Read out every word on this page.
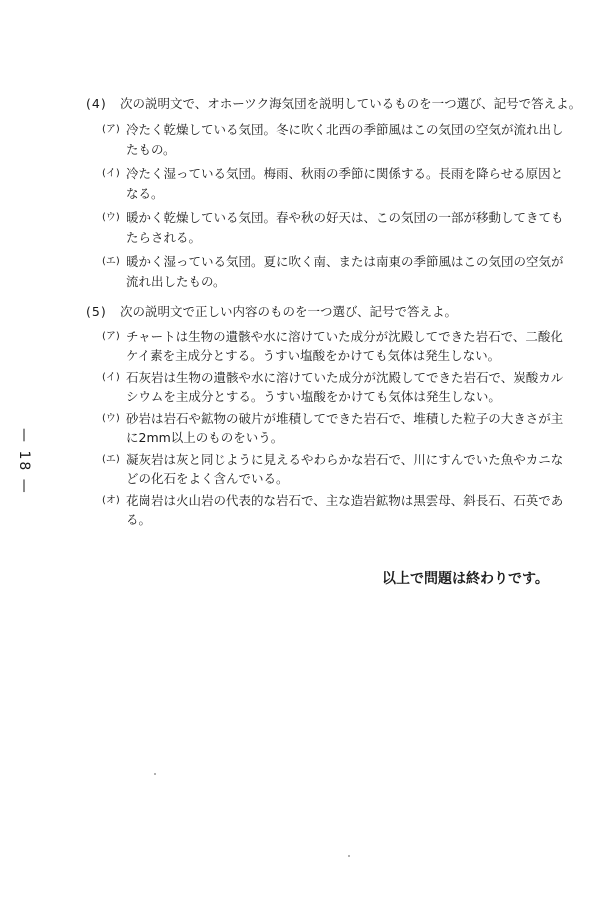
— 18 —
(4)	次の説明文で、オホーツク海気団を説明しているものを一つ選び、記号で答えよ。
(ア) 冷たく乾燥している気団。冬に吹く北西の季節風はこの気団の空気が流れ出し
たもの。
(イ) 冷たく湿っている気団。梅雨、秋雨の季節に関係する。長雨を降らせる原因と
なる。
(ウ) 暖かく乾燥している気団。春や秋の好天は、この気団の一部が移動してきても
たらされる。
(エ) 暖かく湿っている気団。夏に吹く南、または南東の季節風はこの気団の空気が
流れ出したもの。
(5)	次の説明文で正しい内容のものを一つ選び、記号で答えよ。
(ア) チャートは生物の遺骸や水に溶けていた成分が沈殿してできた岩石で、二酸化
ケイ素を主成分とする。うすい塩酸をかけても気体は発生しない。
(イ) 石灰岩は生物の遺骸や水に溶けていた成分が沈殿してできた岩石で、炭酸カル
シウムを主成分とする。うすい塩酸をかけても気体は発生しない。
(ウ) 砂岩は岩石や鉱物の破片が堆積してできた岩石で、堆積した粒子の大きさが主
に2mm以上のものをいう。
(エ) 凝灰岩は灰と同じように見えるやわらかな岩石で、川にすんでいた魚やカニな
どの化石をよく含んでいる。
(オ) 花崗岩は火山岩の代表的な岩石で、主な造岩鉱物は黒雲母、斜長石、石英であ
る。
以上で問題は終わりです。
